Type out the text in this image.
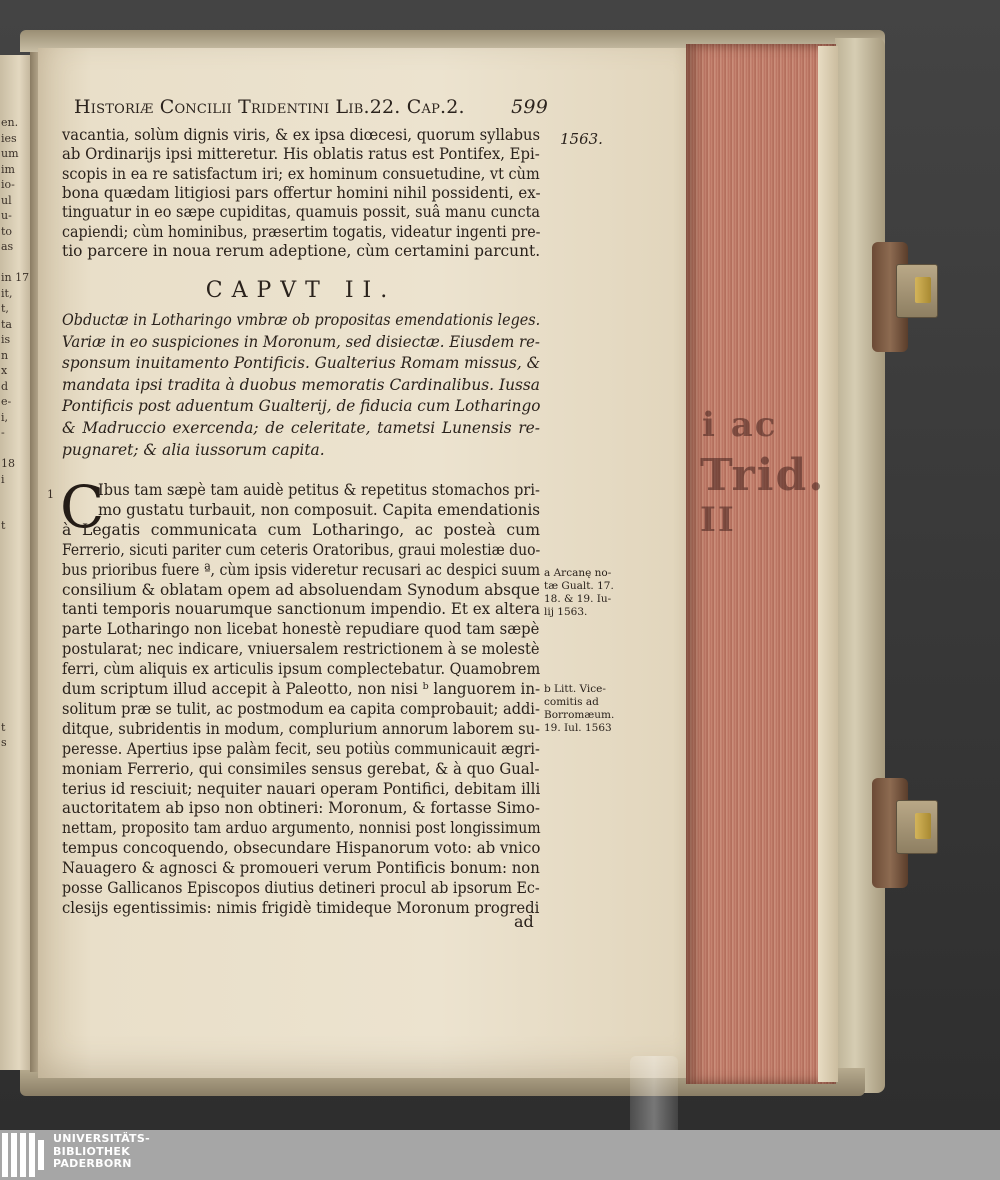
en.
ies
um
im
io-
ul
u-
to
as
in 17
it,
t,
ta
is
n
x
d
e-
i,
-
18
i
t
t
s
i ac
Trid.
II
Historiæ Concilii Tridentini Lib.22. Cap.2. 599
1563.
vacantia, solùm dignis viris, & ex ipsa diœcesi, quorum syllabus
ab Ordinarijs ipsi mitteretur. His oblatis ratus est Pontifex, Epi-
scopis in ea re satisfactum iri; ex hominum consuetudine, vt cùm
bona quædam litigiosi pars offertur homini nihil possidenti, ex-
tinguatur in eo sæpe cupiditas, quamuis possit, suâ manu cuncta
capiendi; cùm hominibus, præsertim togatis, videatur ingenti pre-
tio parcere in noua rerum adeptione, cùm certamini parcunt.
CAPVT II.
Obductæ in Lotharingo vmbræ ob propositas emendationis leges.
Variæ in eo suspiciones in Moronum, sed disiectæ. Eiusdem re-
sponsum inuitamento Pontificis. Gualterius Romam missus, &
mandata ipsi tradita à duobus memoratis Cardinalibus. Iussa
Pontificis post aduentum Gualterij, de fiducia cum Lotharingo
& Madruccio exercenda; de celeritate, tametsi Lunensis re-
pugnaret; & alia iussorum capita.
1 C
Ibus tam sæpè tam auidè petitus & repetitus stomachos pri-
mo gustatu turbauit, non composuit. Capita emendationis
à Legatis communicata cum Lotharingo, ac posteà cum
Ferrerio, sicuti pariter cum ceteris Oratoribus, graui molestiæ duo-
bus prioribus fuere ª, cùm ipsis videretur recusari ac despici suum
consilium & oblatam opem ad absoluendam Synodum absque
tanti temporis nouarumque sanctionum impendio. Et ex altera
parte Lotharingo non licebat honestè repudiare quod tam sæpè
postularat; nec indicare, vniuersalem restrictionem à se molestè
ferri, cùm aliquis ex articulis ipsum complectebatur. Quamobrem
dum scriptum illud accepit à Paleotto, non nisi ᵇ languorem in-
solitum præ se tulit, ac postmodum ea capita comprobauit; addi-
ditque, subridentis in modum, complurium annorum laborem su-
peresse. Apertius ipse palàm fecit, seu potiùs communicauit ægri-
moniam Ferrerio, qui consimiles sensus gerebat, & à quo Gual-
terius id resciuit; nequiter nauari operam Pontifici, debitam illi
auctoritatem ab ipso non obtineri: Moronum, & fortasse Simo-
nettam, proposito tam arduo argumento, nonnisi post longissimum
tempus concoquendo, obsecundare Hispanorum voto: ab vnico
Nauagero & agnosci & promoueri verum Pontificis bonum: non
posse Gallicanos Episcopos diutius detineri procul ab ipsorum Ec-
clesijs egentissimis: nimis frigidè timideque Moronum progredi
a Arcanę no-
tæ Gualt. 17.
18. & 19. Iu-
lij 1563.
b Litt. Vice-
comitis ad
Borromæum.
19. Iul. 1563
ad
UNIVERSITÄTS-
BIBLIOTHEK
PADERBORN
